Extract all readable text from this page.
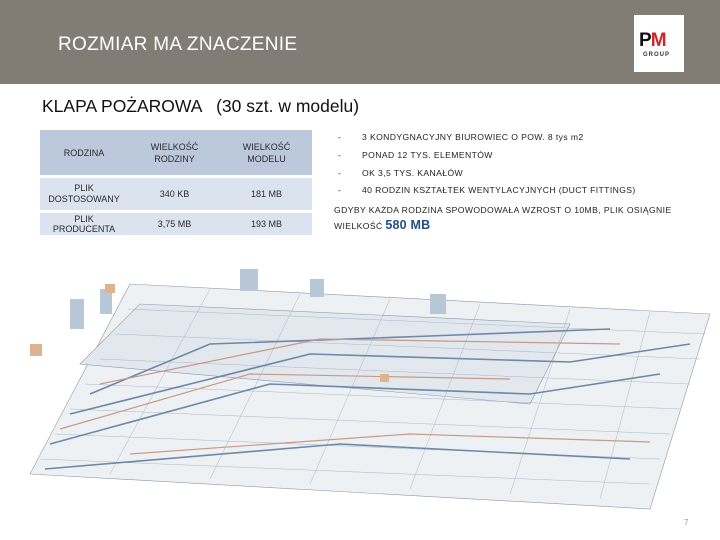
ROZMIAR MA ZNACZENIE	PM
GROUP
KLAPA POŻAROWA   (30 szt. w modelu)
RODZINA	WIELKOŚĆ RODZINY	WIELKOŚĆ MODELU
PLIK DOSTOSOWANY	340 KB	181 MB
PLIK PRODUCENTA	3,75 MB	193 MB
- 3 KONDYGNACYJNY BIUROWIEC O POW. 8 tys m2
- PONAD 12 TYS. ELEMENTÓW
- OK 3,5 TYS. KANAŁÓW
- 40 RODZIN KSZTAŁTEK WENTYLACYJNYCH (DUCT FITTINGS)
GDYBY KAŻDA RODZINA SPOWODOWAŁA WZROST O 10MB, PLIK OSIĄGNIE WIELKOŚĆ 580 MB
7
